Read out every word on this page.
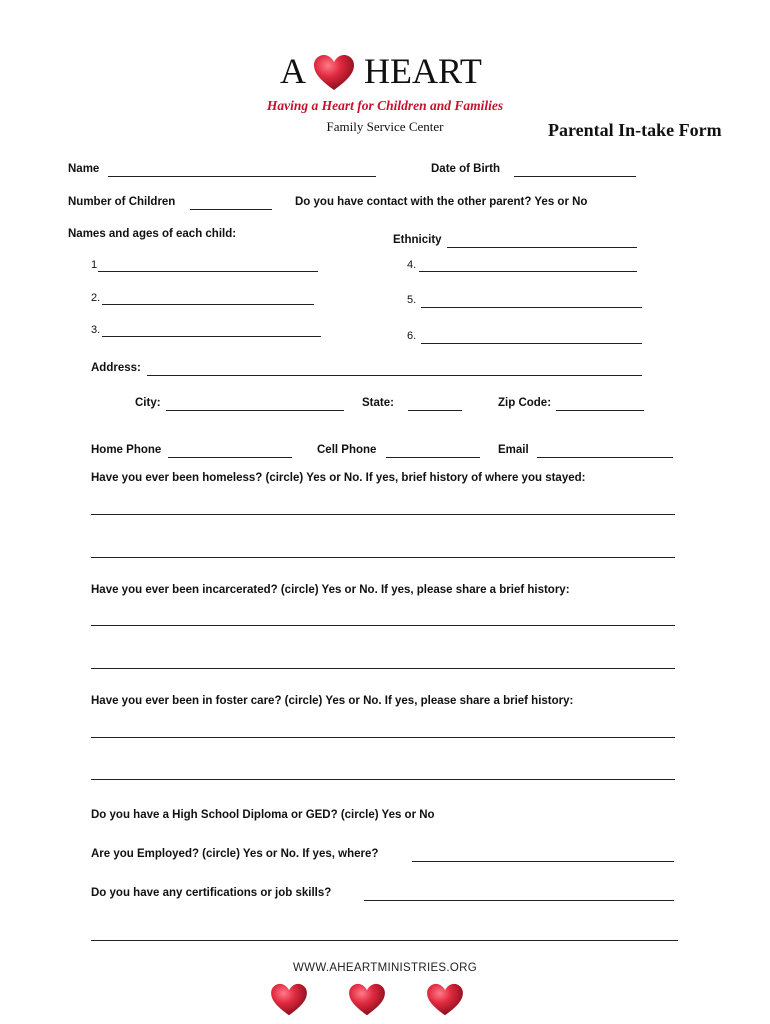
A HEART
Having a Heart for Children and Families
Family Service Center	Parental In-take Form
Name	Date of Birth
Number of Children	Do you have contact with the other parent? Yes or No
Names and ages of each child:	Ethnicity
1	4.
2.	5.
3.	6.
Address:
City:	State:	Zip Code:
Home Phone	Cell Phone	Email
Have you ever been homeless? (circle) Yes or No. If yes, brief history of where you stayed:
Have you ever been incarcerated? (circle) Yes or No. If yes, please share a brief history:
Have you ever been in foster care? (circle) Yes or No. If yes, please share a brief history:
Do you have a High School Diploma or GED? (circle) Yes or No
Are you Employed? (circle) Yes or No. If yes, where?
Do you have any certifications or job skills?
WWW.AHEARTMINISTRIES.ORG
